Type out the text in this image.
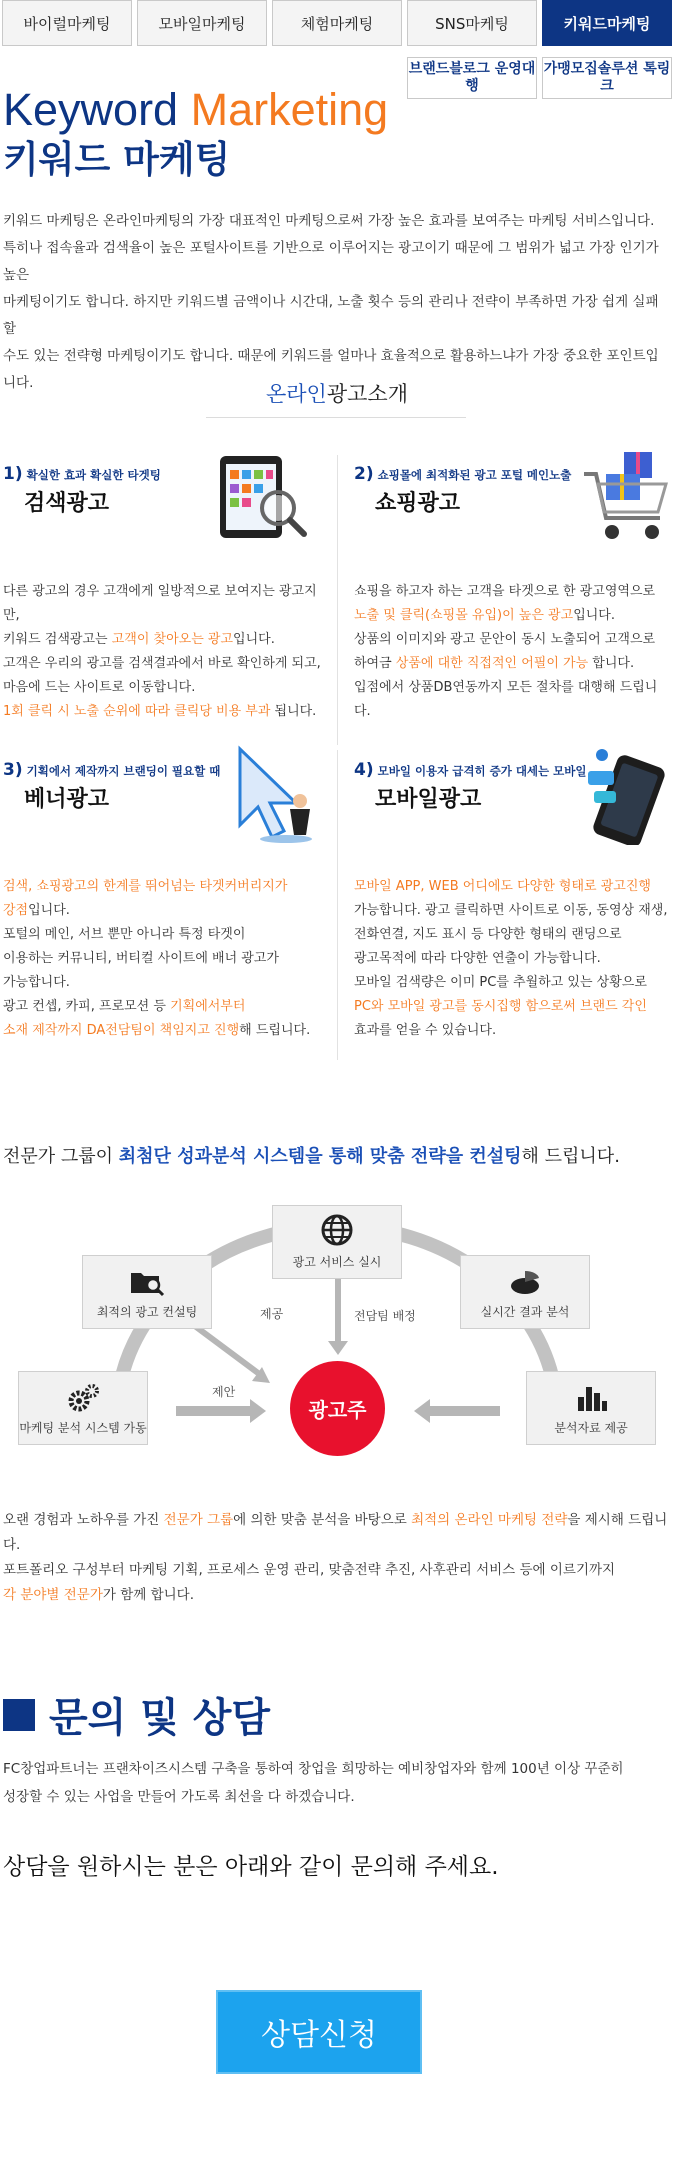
바이럴마케팅	모바일마케팅	체험마케팅	SNS마케팅	키워드마케팅
브랜드블로그 운영대행
가맹모집솔루션 톡링크
Keyword Marketing
키워드 마케팅
키워드 마케팅은 온라인마케팅의 가장 대표적인 마케팅으로써 가장 높은 효과를 보여주는 마케팅 서비스입니다.
특히나 접속율과 검색율이 높은 포털사이트를 기반으로 이루어지는 광고이기 때문에 그 범위가 넓고 가장 인기가 높은
마케팅이기도 합니다. 하지만 키워드별 금액이나 시간대, 노출 횟수 등의 관리나 전략이 부족하면 가장 쉽게 실패 할
수도 있는 전략형 마케팅이기도 합니다. 때문에 키워드를 얼마나 효율적으로 활용하느냐가 가장 중요한 포인트입니다.	온라인광고소개
1) 확실한 효과 확실한 타겟팅
검색광고
다른 광고의 경우 고객에게 일방적으로 보여지는 광고지만,
키워드 검색광고는 고객이 찾아오는 광고입니다.
고객은 우리의 광고를 검색결과에서 바로 확인하게 되고,
마음에 드는 사이트로 이동합니다.
1회 클릭 시 노출 순위에 따라 클릭당 비용 부과 됩니다.
2) 쇼핑몰에 최적화된 광고 포털 메인노출
쇼핑광고
쇼핑을 하고자 하는 고객을 타겟으로 한 광고영역으로
노출 및 클릭(쇼핑몰 유입)이 높은 광고입니다.
상품의 이미지와 광고 문안이 동시 노출되어 고객으로
하여금 상품에 대한 직접적인 어필이 가능 합니다.
입점에서 상품DB연동까지 모든 절차를 대행해 드립니다.
3) 기획에서 제작까지 브랜딩이 필요할 때
베너광고
검색, 쇼핑광고의 한계를 뛰어넘는 타겟커버리지가
강점입니다.
포털의 메인, 서브 뿐만 아니라 특정 타겟이
이용하는 커뮤니티, 버티컬 사이트에 배너 광고가
가능합니다.
광고 컨셉, 카피, 프로모션 등 기획에서부터
소재 제작까지 DA전담팀이 책임지고 진행해 드립니다.
4) 모바일 이용자 급격히 증가 대세는 모바일
모바일광고
모바일 APP, WEB 어디에도 다양한 형태로 광고진행
가능합니다. 광고 클릭하면 사이트로 이동, 동영상 재생,
전화연결, 지도 표시 등 다양한 형태의 랜딩으로
광고목적에 따라 다양한 연출이 가능합니다.
모바일 검색량은 이미 PC를 추월하고 있는 상황으로
PC와 모바일 광고를 동시집행 함으로써 브랜드 각인
효과를 얻을 수 있습니다.
전문가 그룹이 최첨단 성과분석 시스템을 통해 맞춤 전략을 컨설팅해 드립니다.
광고 서비스 실시
최적의 광고 컨설팅	실시간 결과 분석
마케팅 분석 시스템 가동	분석자료 제공
광고주
제공	전담팀 배정
제안
오랜 경험과 노하우를 가진 전문가 그룹에 의한 맞춤 분석을 바탕으로 최적의 온라인 마케팅 전략을 제시해 드립니다.
포트폴리오 구성부터 마케팅 기획, 프로세스 운영 관리, 맞춤전략 추진, 사후관리 서비스 등에 이르기까지
각 분야별 전문가가 함께 합니다.
문의 및 상담
FC창업파트너는 프랜차이즈시스템 구축을 통하여 창업을 희망하는 예비창업자와 함께 100년 이상 꾸준히
성장할 수 있는 사업을 만들어 가도록 최선을 다 하겠습니다.
상담을 원하시는 분은 아래와 같이 문의해 주세요.
상담신청
